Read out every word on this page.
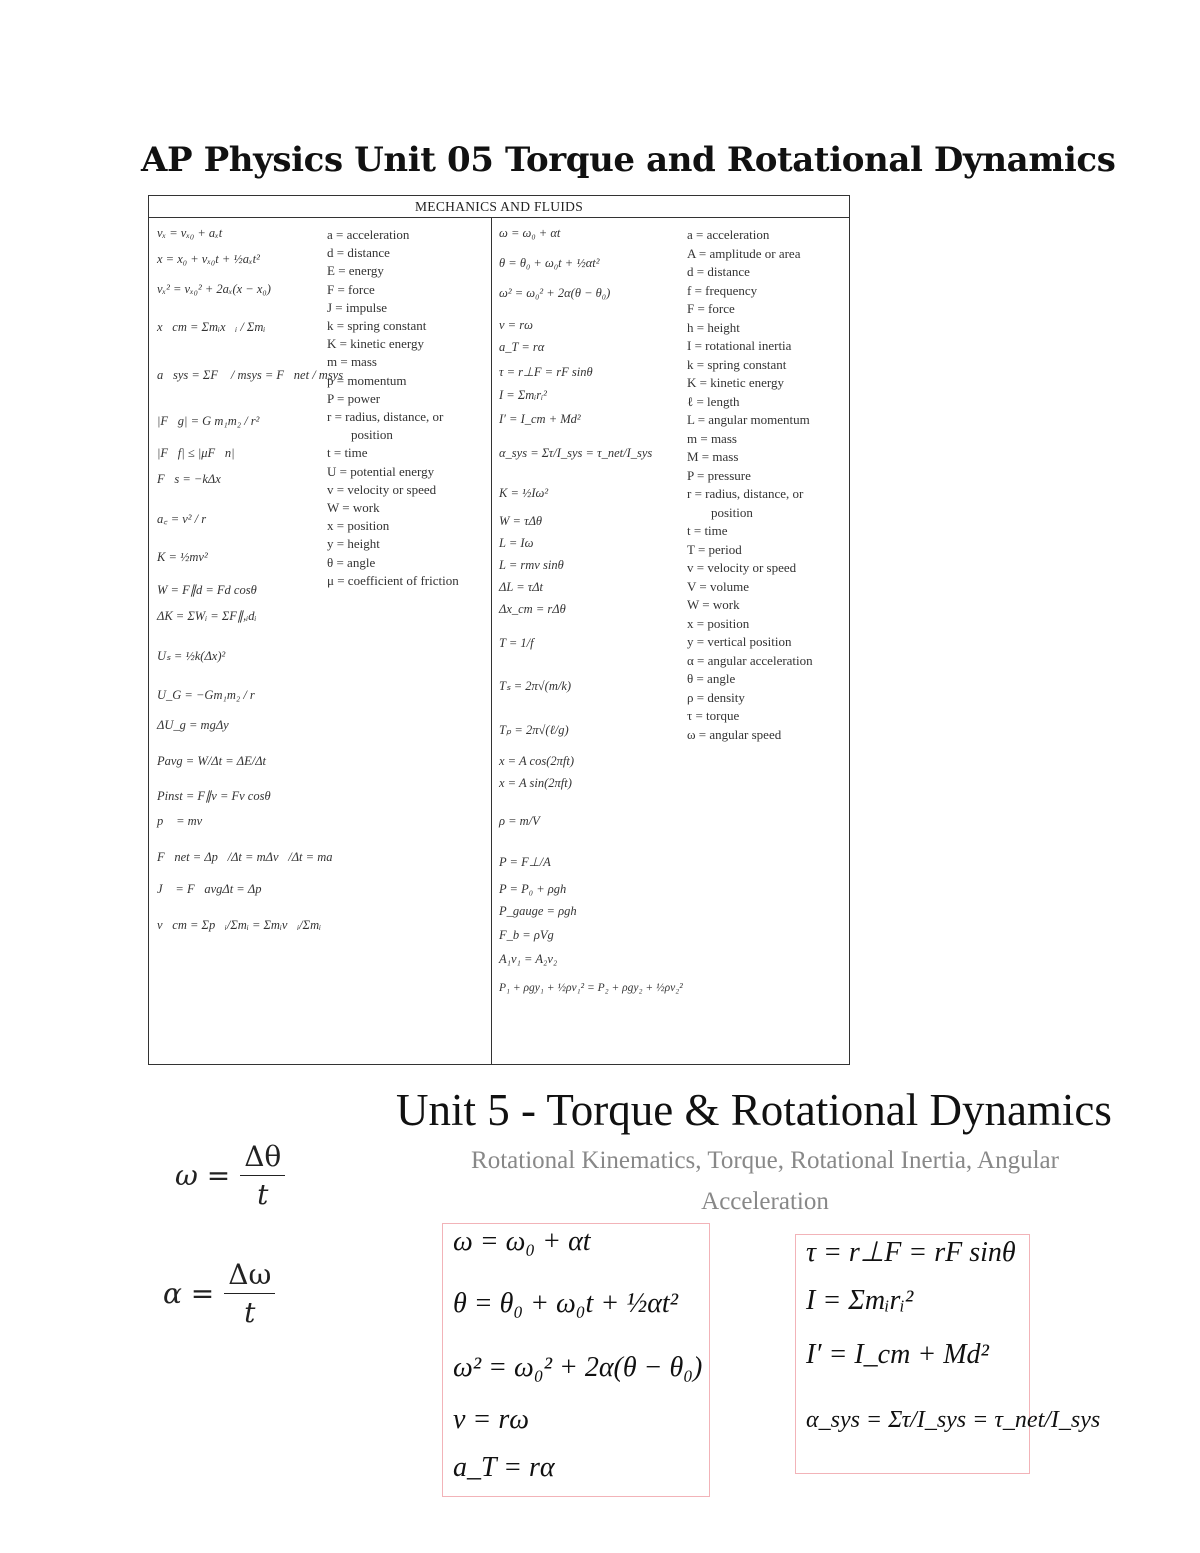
AP Physics Unit 05 Torque and Rotational Dynamics
MECHANICS AND FLUIDS
vₓ = vₓ₀ + aₓt
x = x₀ + vₓ₀t + ½aₓt²
vₓ² = vₓ₀² + 2aₓ(x − x₀)
x⃗cm = Σmᵢx⃗ᵢ / Σmᵢ
a⃗sys = ΣF⃗ / msys = F⃗net / msys
|F⃗g| = G m₁m₂ / r²
|F⃗f| ≤ |μF⃗n|
F⃗s = −kΔx⃗
a꜀ = v² / r
K = ½mv²
W = F∥d = Fd cosθ
ΔK = ΣWᵢ = ΣF∥,ᵢdᵢ
Uₛ = ½k(Δx)²
U_G = −Gm₁m₂ / r
ΔU_g = mgΔy
Pavg = W/Δt = ΔE/Δt
Pinst = F∥v = Fv cosθ
p⃗ = mv⃗
F⃗net = Δp⃗/Δt = mΔv⃗/Δt = ma⃗
J⃗ = F⃗avgΔt = Δp⃗
v⃗cm = Σp⃗ᵢ/Σmᵢ = Σmᵢv⃗ᵢ/Σmᵢ
a = acceleration
d = distance
E = energy
F = force
J = impulse
k = spring constant
K = kinetic energy
m = mass
p = momentum
P = power
r = radius, distance, or
position
t = time
U = potential energy
v = velocity or speed
W = work
x = position
y = height
θ = angle
μ = coefficient of friction
ω = ω₀ + αt
θ = θ₀ + ω₀t + ½αt²
ω² = ω₀² + 2α(θ − θ₀)
v = rω
a_T = rα
τ = r⊥F = rF sinθ
I = Σmᵢrᵢ²
I′ = I_cm + Md²
α_sys = Στ/I_sys = τ_net/I_sys
K = ½Iω²
W = τΔθ
L = Iω
L = rmv sinθ
ΔL = τΔt
Δx_cm = rΔθ
T = 1/f
Tₛ = 2π√(m/k)
Tₚ = 2π√(ℓ/g)
x = A cos(2πft)
x = A sin(2πft)
ρ = m/V
P = F⊥/A
P = P₀ + ρgh
P_gauge = ρgh
F_b = ρVg
A₁v₁ = A₂v₂
P₁ + ρgy₁ + ½ρv₁² = P₂ + ρgy₂ + ½ρv₂²
a = acceleration
A = amplitude or area
d = distance
f = frequency
F = force
h = height
I = rotational inertia
k = spring constant
K = kinetic energy
ℓ = length
L = angular momentum
m = mass
M = mass
P = pressure
r = radius, distance, or
position
t = time
T = period
v = velocity or speed
V = volume
W = work
x = position
y = vertical position
α = angular acceleration
θ = angle
ρ = density
τ = torque
ω = angular speed
Unit 5 - Torque & Rotational Dynamics
Rotational Kinematics, Torque, Rotational Inertia, Angular Acceleration
$\omega = \frac{\Delta\theta}{t}$
$\alpha = \frac{\Delta\omega}{t}$
ω = ω₀ + αt
θ = θ₀ + ω₀t + ½αt²
ω² = ω₀² + 2α(θ − θ₀)
v = rω
a_T = rα
τ = r⊥F = rF sinθ
I = Σmᵢrᵢ²
I′ = I_cm + Md²
α_sys = Στ/I_sys = τ_net/I_sys
